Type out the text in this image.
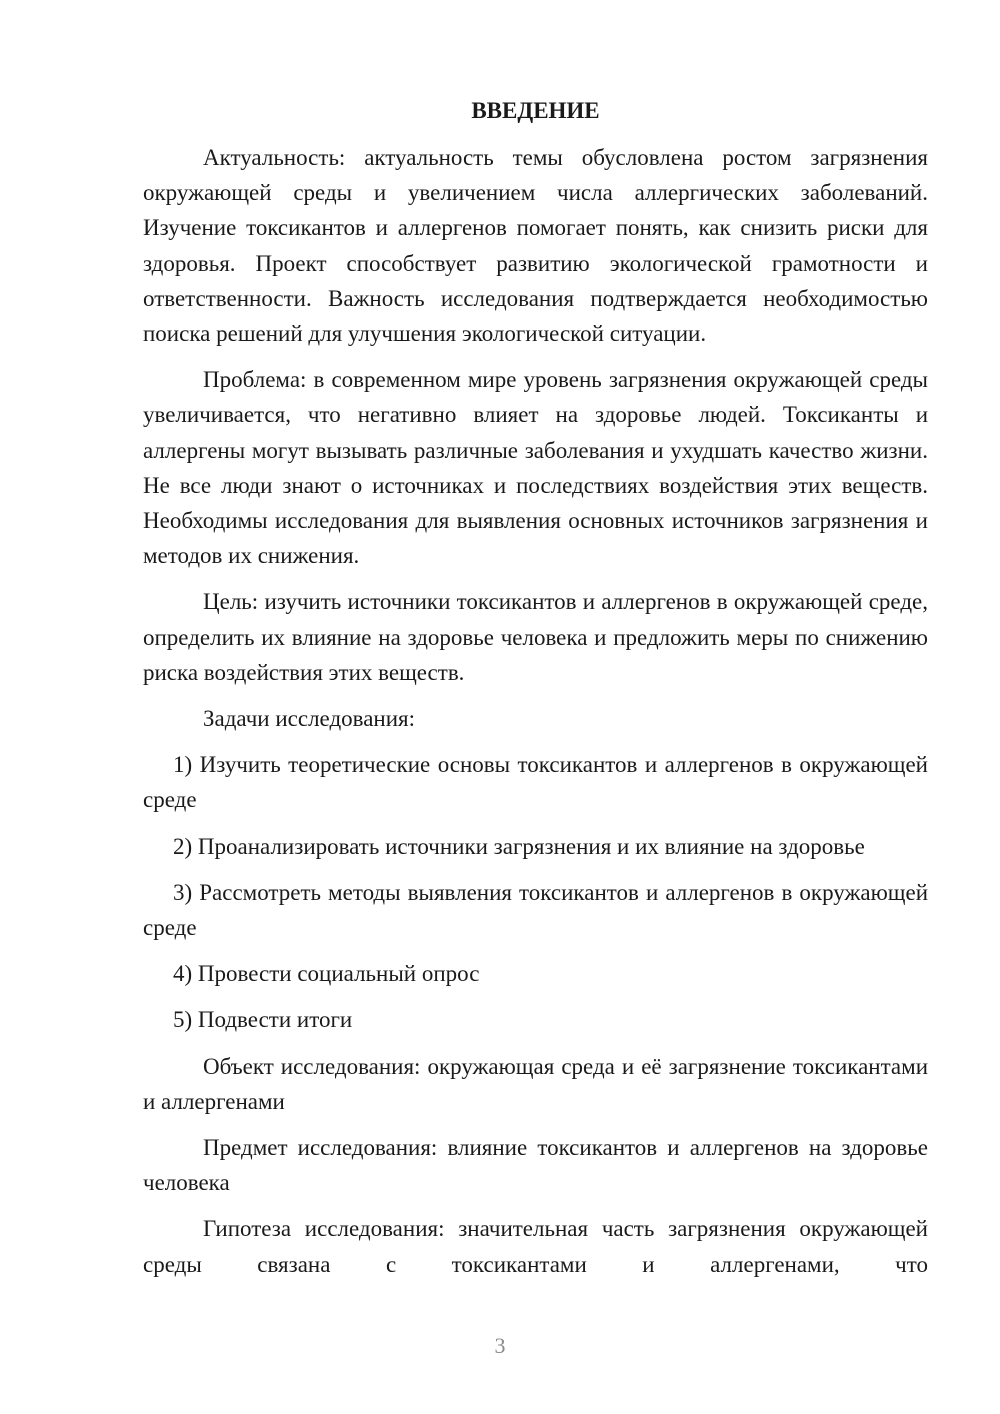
ВВЕДЕНИЕ

Актуальность: актуальность темы обусловлена ростом загрязнения окружающей среды и увеличением числа аллергических заболеваний. Изучение токсикантов и аллергенов помогает понять, как снизить риски для здоровья. Проект способствует развитию экологической грамотности и ответственности. Важность исследования подтверждается необходимостью поиска решений для улучшения экологической ситуации.

Проблема: в современном мире уровень загрязнения окружающей среды увеличивается, что негативно влияет на здоровье людей. Токсиканты и аллергены могут вызывать различные заболевания и ухудшать качество жизни. Не все люди знают о источниках и последствиях воздействия этих веществ. Необходимы исследования для выявления основных источников загрязнения и методов их снижения.

Цель: изучить источники токсикантов и аллергенов в окружающей среде, определить их влияние на здоровье человека и предложить меры по снижению риска воздействия этих веществ.

Задачи исследования:

1) Изучить теоретические основы токсикантов и аллергенов в окружающей среде

2) Проанализировать источники загрязнения и их влияние на здоровье

3) Рассмотреть методы выявления токсикантов и аллергенов в окружающей среде

4) Провести социальный опрос

5) Подвести итоги

Объект исследования: окружающая среда и её загрязнение токсикантами и аллергенами

Предмет исследования: влияние токсикантов и аллергенов на здоровье человека

Гипотеза исследования: значительная часть загрязнения окружающей среды связана с токсикантами и аллергенами, что

3
